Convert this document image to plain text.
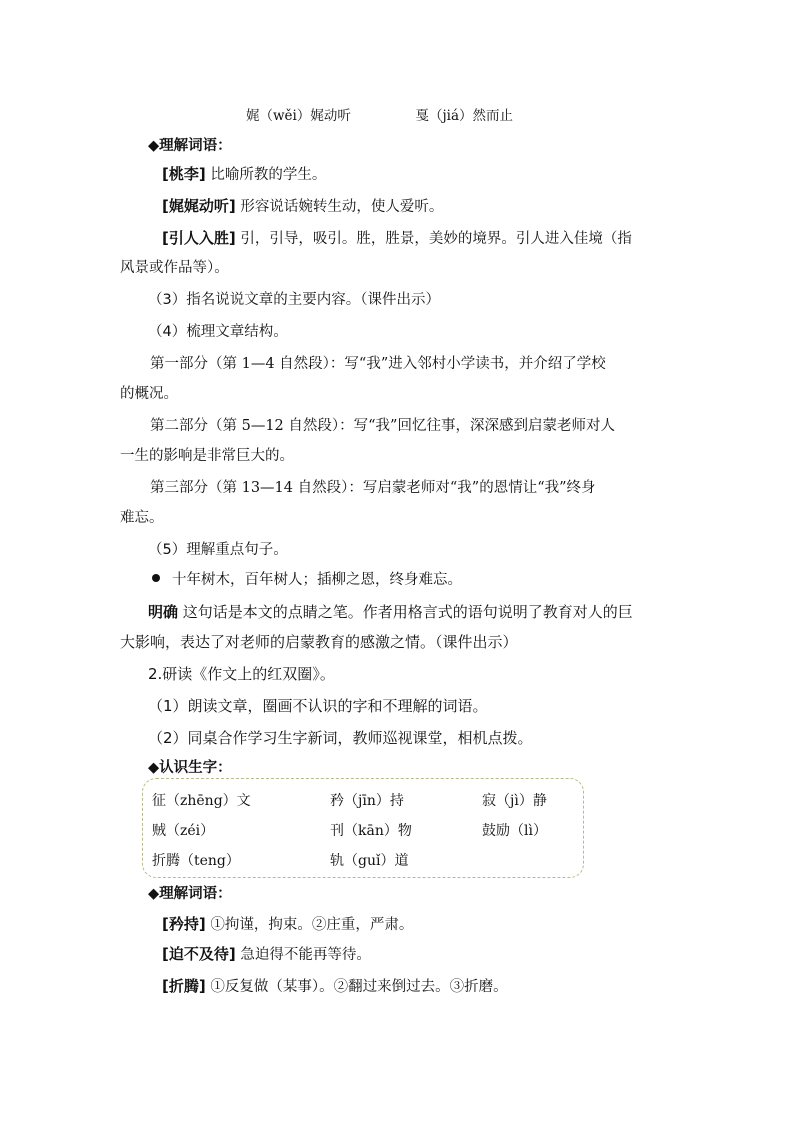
娓（wěi）娓动听	戛（jiá）然而止
◆理解词语：
[桃李] 比喻所教的学生。
[娓娓动听] 形容说话婉转生动，使人爱听。
[引人入胜] 引，引导，吸引。胜，胜景，美妙的境界。引人进入佳境（指
风景或作品等）。
（3）指名说说文章的主要内容。（课件出示）
（4）梳理文章结构。
第一部分（第 1—4 自然段）：写“我”进入邻村小学读书，并介绍了学校
的概况。
第二部分（第 5—12 自然段）：写“我”回忆往事，深深感到启蒙老师对人
一生的影响是非常巨大的。
第三部分（第 13—14 自然段）：写启蒙老师对“我”的恩情让“我”终身
难忘。
（5）理解重点句子。
十年树木，百年树人；插柳之恩，终身难忘。
明确 这句话是本文的点睛之笔。作者用格言式的语句说明了教育对人的巨
大影响，表达了对老师的启蒙教育的感激之情。（课件出示）
2.研读《作文上的红双圈》。
（1）朗读文章，圈画不认识的字和不理解的词语。
（2）同桌合作学习生字新词，教师巡视课堂，相机点拨。
◆认识生字：
征（zhēng）文	矜（jīn）持	寂（jì）静
贼（zéi）	刊（kān）物	鼓励（lì）
折腾（teng）	轨（guǐ）道
◆理解词语：
[矜持] ①拘谨，拘束。②庄重，严肃。
[迫不及待] 急迫得不能再等待。
[折腾] ①反复做（某事）。②翻过来倒过去。③折磨。
